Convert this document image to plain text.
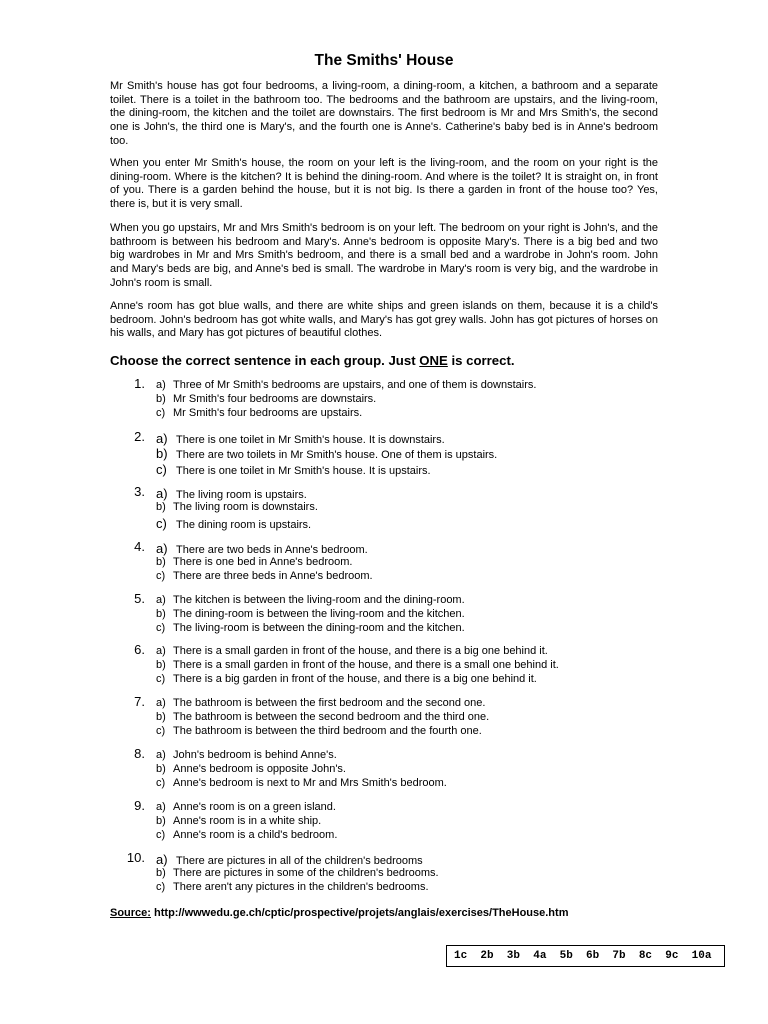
The Smiths' House

Mr Smith's house has got four bedrooms, a living-room, a dining-room, a kitchen, a bathroom and a separate toilet. There is a toilet in the bathroom too. The bedrooms and the bathroom are upstairs, and the living-room, the dining-room, the kitchen and the toilet are downstairs. The first bedroom is Mr and Mrs Smith's, the second one is John's, the third one is Mary's, and the fourth one is Anne's. Catherine's baby bed is in Anne's bedroom too.

When you enter Mr Smith's house, the room on your left is the living-room, and the room on your right is the dining-room. Where is the kitchen? It is behind the dining-room. And where is the toilet? It is straight on, in front of you. There is a garden behind the house, but it is not big. Is there a garden in front of the house too? Yes, there is, but it is very small.

When you go upstairs, Mr and Mrs Smith's bedroom is on your left. The bedroom on your right is John's, and the bathroom is between his bedroom and Mary's. Anne's bedroom is opposite Mary's. There is a big bed and two big wardrobes in Mr and Mrs Smith's bedroom, and there is a small bed and a wardrobe in John's room. John and Mary's beds are big, and Anne's bed is small. The wardrobe in Mary's room is very big, and the wardrobe in John's room is small.

Anne's room has got blue walls, and there are white ships and green islands on them, because it is a child's bedroom. John's bedroom has got white walls, and Mary's has got grey walls. John has got pictures of horses on his walls, and Mary has got pictures of beautiful clothes.

Choose the correct sentence in each group. Just ONE is correct.
1. a) Three of Mr Smith's bedrooms are upstairs, and one of them is downstairs.
b) Mr Smith's four bedrooms are downstairs.
c) Mr Smith's four bedrooms are upstairs.
2. a) There is one toilet in Mr Smith's house. It is downstairs.
b) There are two toilets in Mr Smith's house. One of them is upstairs.
c) There is one toilet in Mr Smith's house. It is upstairs.
3. a) The living room is upstairs.
b) The living room is downstairs.
c) The dining room is upstairs.
4. a) There are two beds in Anne's bedroom.
b) There is one bed in Anne's bedroom.
c) There are three beds in Anne's bedroom.
5. a) The kitchen is between the living-room and the dining-room.
b) The dining-room is between the living-room and the kitchen.
c) The living-room is between the dining-room and the kitchen.
6. a) There is a small garden in front of the house, and there is a big one behind it.
b) There is a small garden in front of the house, and there is a small one behind it.
c) There is a big garden in front of the house, and there is a big one behind it.
7. a) The bathroom is between the first bedroom and the second one.
b) The bathroom is between the second bedroom and the third one.
c) The bathroom is between the third bedroom and the fourth one.
8. a) John's bedroom is behind Anne's.
b) Anne's bedroom is opposite John's.
c) Anne's bedroom is next to Mr and Mrs Smith's bedroom.
9. a) Anne's room is on a green island.
b) Anne's room is in a white ship.
c) Anne's room is a child's bedroom.
10. a) There are pictures in all of the children's bedrooms
b) There are pictures in some of the children's bedrooms.
c) There aren't any pictures in the children's bedrooms.
Source: http://wwwedu.ge.ch/cptic/prospective/projets/anglais/exercises/TheHouse.htm
1c  2b  3b  4a  5b  6b  7b  8c  9c  10a
